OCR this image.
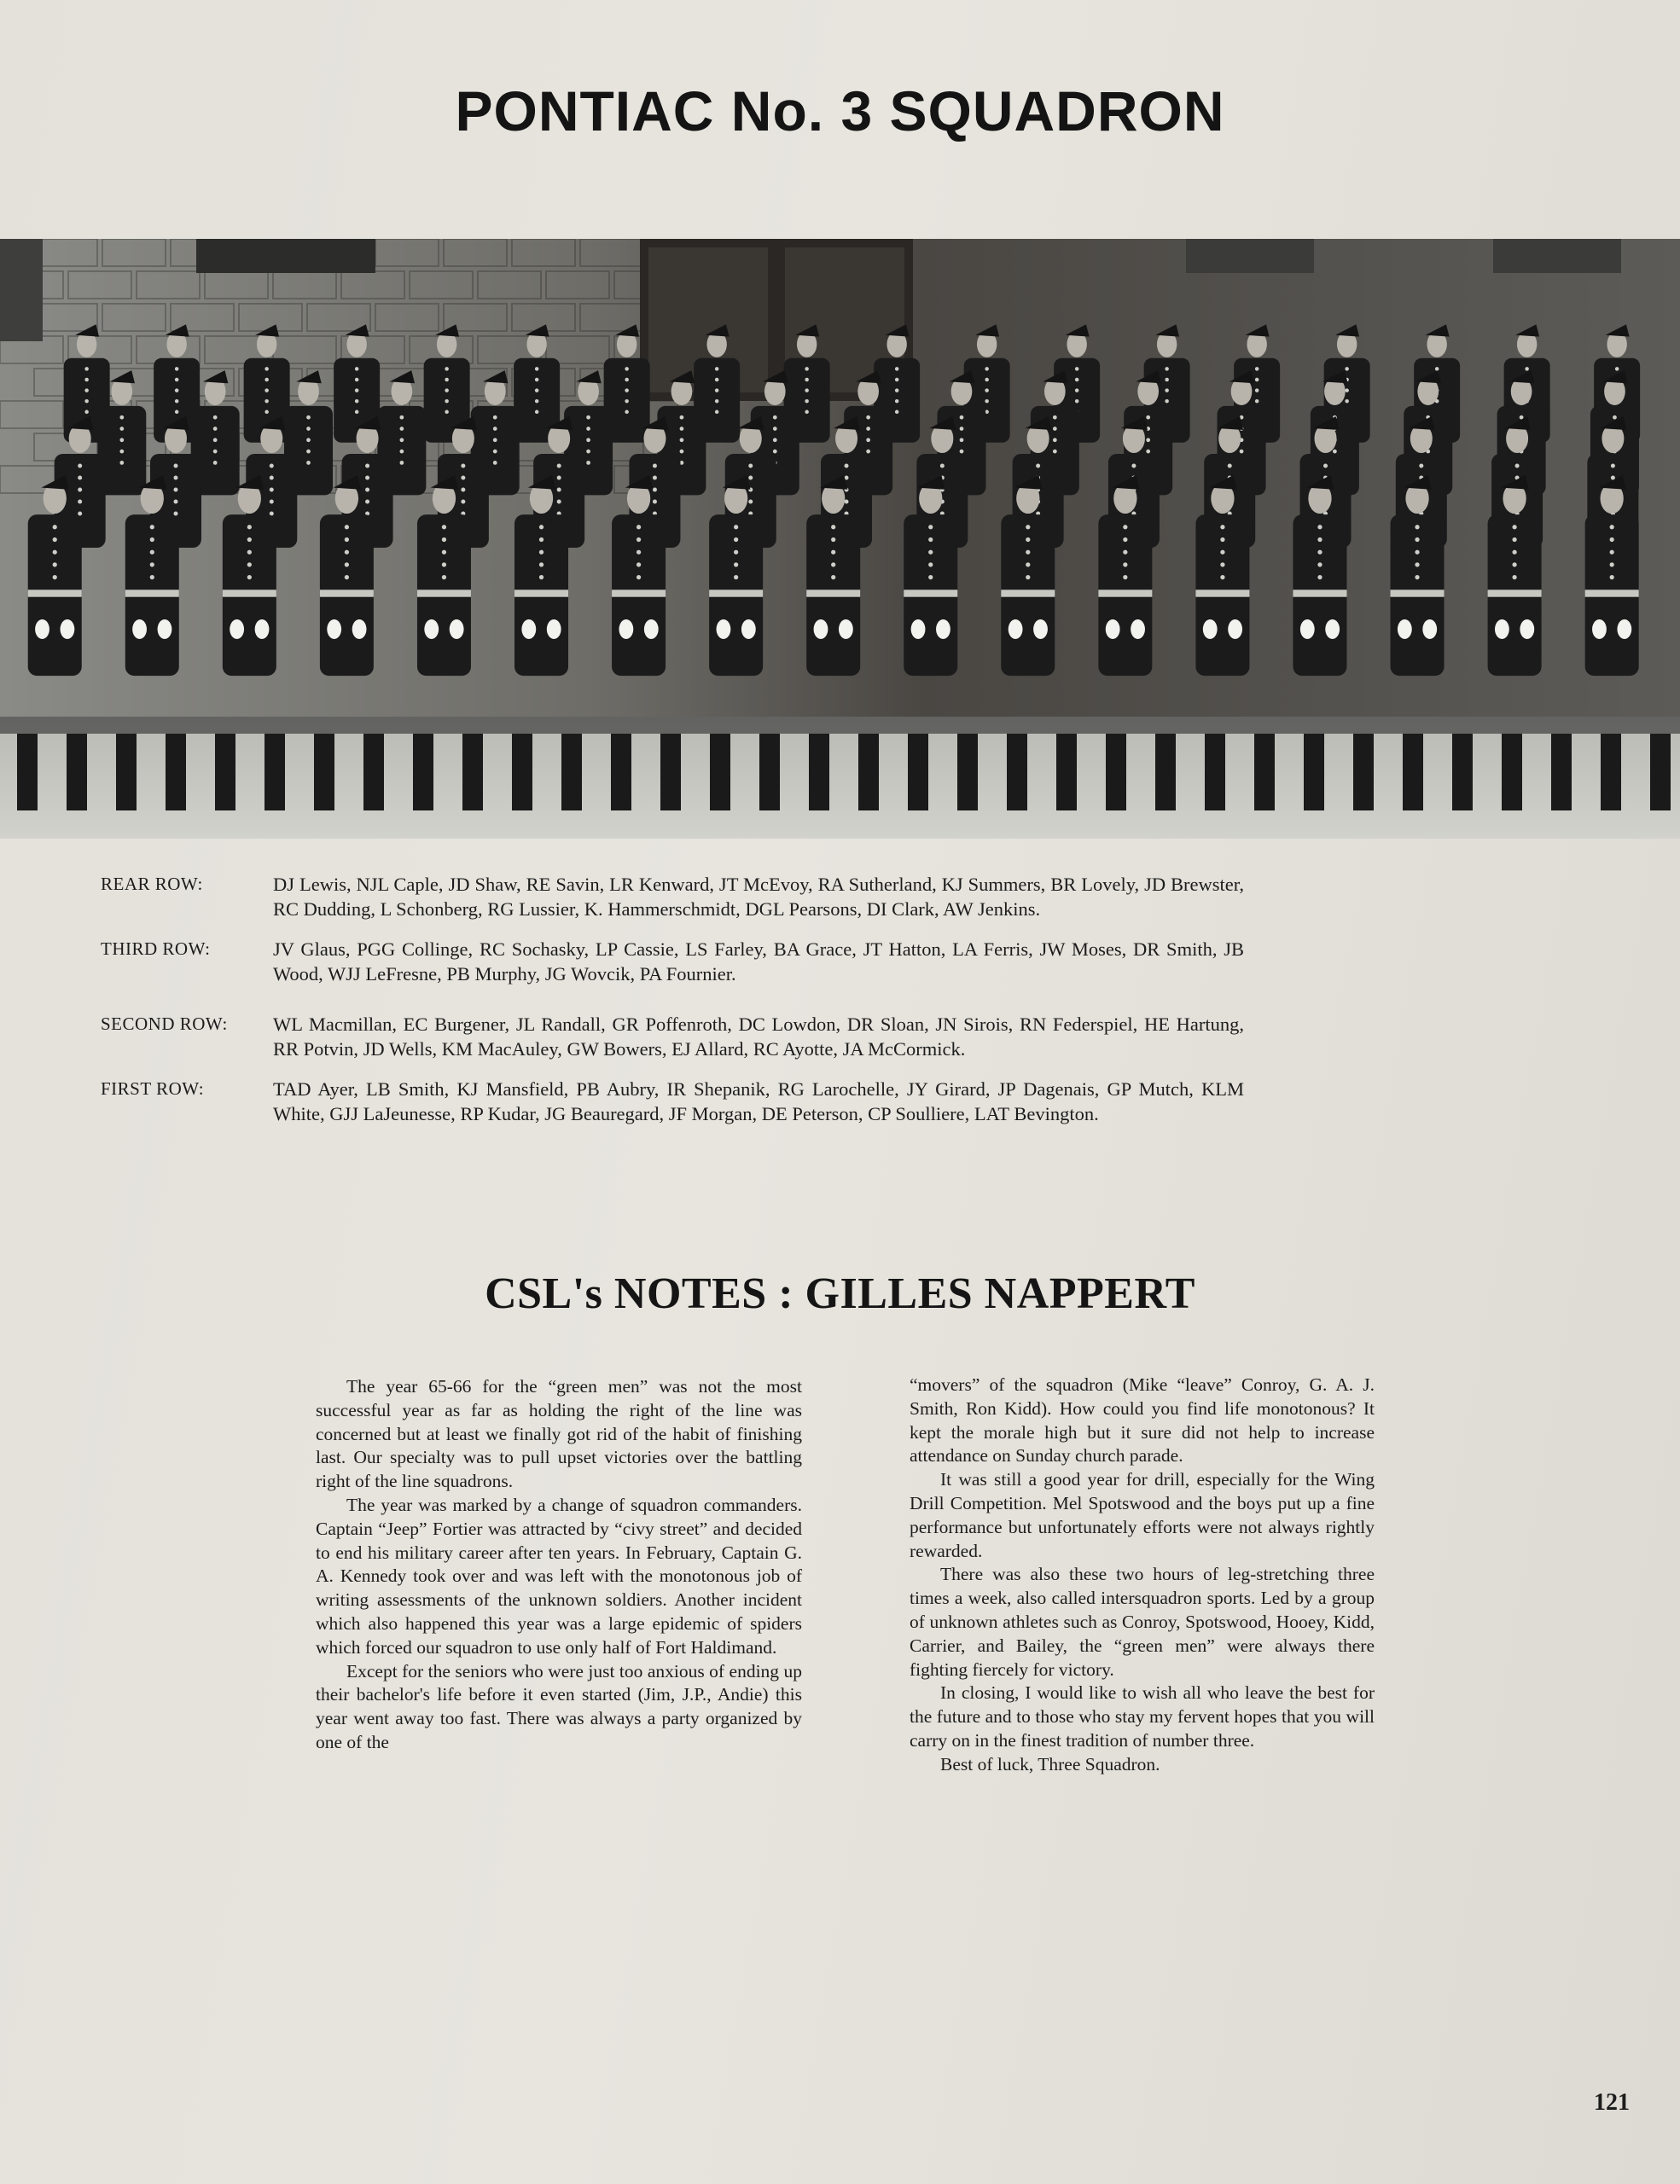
PONTIAC No. 3 SQUADRON
REAR ROW:	DJ Lewis, NJL Caple, JD Shaw, RE Savin, LR Kenward, JT McEvoy, RA Sutherland, KJ Summers, BR Lovely, JD Brewster, RC Dudding, L Schonberg, RG Lussier, K. Hammerschmidt, DGL Pearsons, DI Clark, AW Jenkins.
THIRD ROW:	JV Glaus, PGG Collinge, RC Sochasky, LP Cassie, LS Farley, BA Grace, JT Hatton, LA Ferris, JW Moses, DR Smith, JB Wood, WJJ LeFresne, PB Murphy, JG Wovcik, PA Fournier.
SECOND ROW:	WL Macmillan, EC Burgener, JL Randall, GR Poffenroth, DC Lowdon, DR Sloan, JN Sirois, RN Federspiel, HE Hartung, RR Potvin, JD Wells, KM MacAuley, GW Bowers, EJ Allard, RC Ayotte, JA McCormick.
FIRST ROW:	TAD Ayer, LB Smith, KJ Mansfield, PB Aubry, IR Shepanik, RG Larochelle, JY Girard, JP Dagenais, GP Mutch, KLM White, GJJ LaJeunesse, RP Kudar, JG Beauregard, JF Morgan, DE Peterson, CP Soulliere, LAT Bevington.
CSL's NOTES : GILLES NAPPERT

The year 65-66 for the “green men” was not the most successful year as far as holding the right of the line was concerned but at least we finally got rid of the habit of finishing last. Our specialty was to pull upset victories over the battling right of the line squadrons.

The year was marked by a change of squadron commanders. Captain “Jeep” Fortier was attracted by “civy street” and decided to end his military career after ten years. In February, Captain G. A. Kennedy took over and was left with the monotonous job of writing assessments of the unknown soldiers. Another incident which also happened this year was a large epidemic of spiders which forced our squadron to use only half of Fort Haldimand.

Except for the seniors who were just too anxious of ending up their bachelor's life before it even started (Jim, J.P., Andie) this year went away too fast. There was always a party organized by one of the

“movers” of the squadron (Mike “leave” Conroy, G. A. J. Smith, Ron Kidd). How could you find life monotonous? It kept the morale high but it sure did not help to increase attendance on Sunday church parade.

It was still a good year for drill, especially for the Wing Drill Competition. Mel Spotswood and the boys put up a fine performance but unfortunately efforts were not always rightly rewarded.

There was also these two hours of leg-stretching three times a week, also called intersquadron sports. Led by a group of unknown athletes such as Conroy, Spotswood, Hooey, Kidd, Carrier, and Bailey, the “green men” were always there fighting fiercely for victory.

In closing, I would like to wish all who leave the best for the future and to those who stay my fervent hopes that you will carry on in the finest tradition of number three.

Best of luck, Three Squadron.

121
